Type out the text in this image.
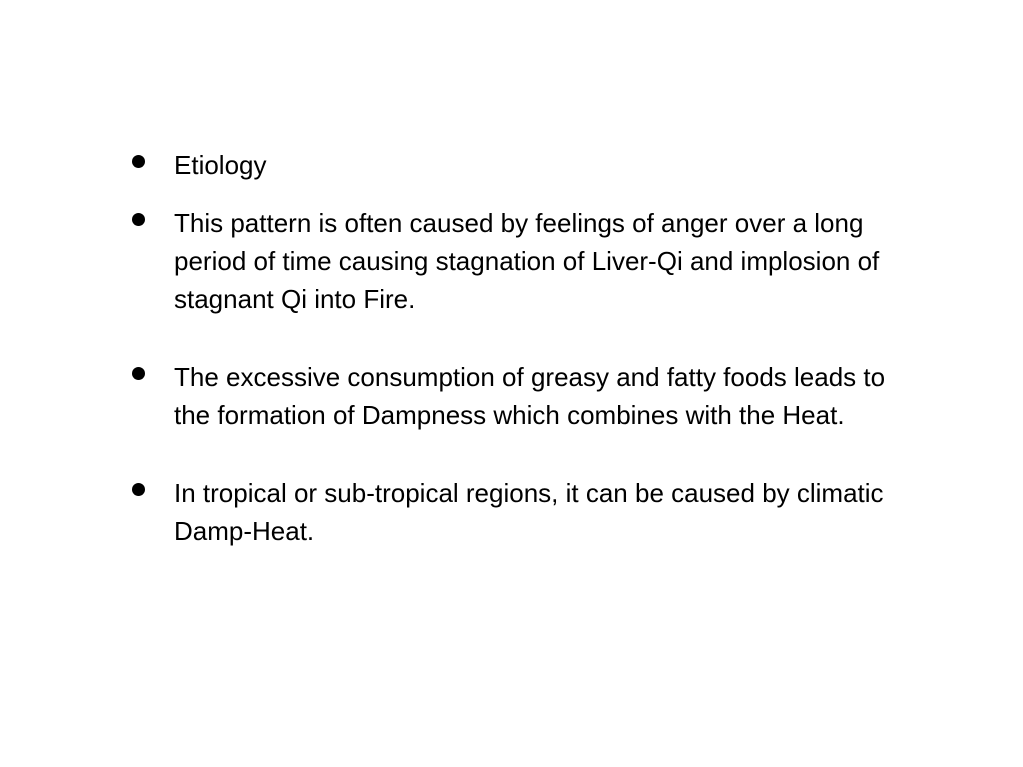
Etiology
This pattern is often caused by feelings of anger over a long period of time causing stagnation of Liver-Qi and implosion of stagnant Qi into Fire.
The excessive consumption of greasy and fatty foods leads to the formation of Dampness which combines with the Heat.
In tropical or sub-tropical regions, it can be caused by climatic Damp-Heat.
